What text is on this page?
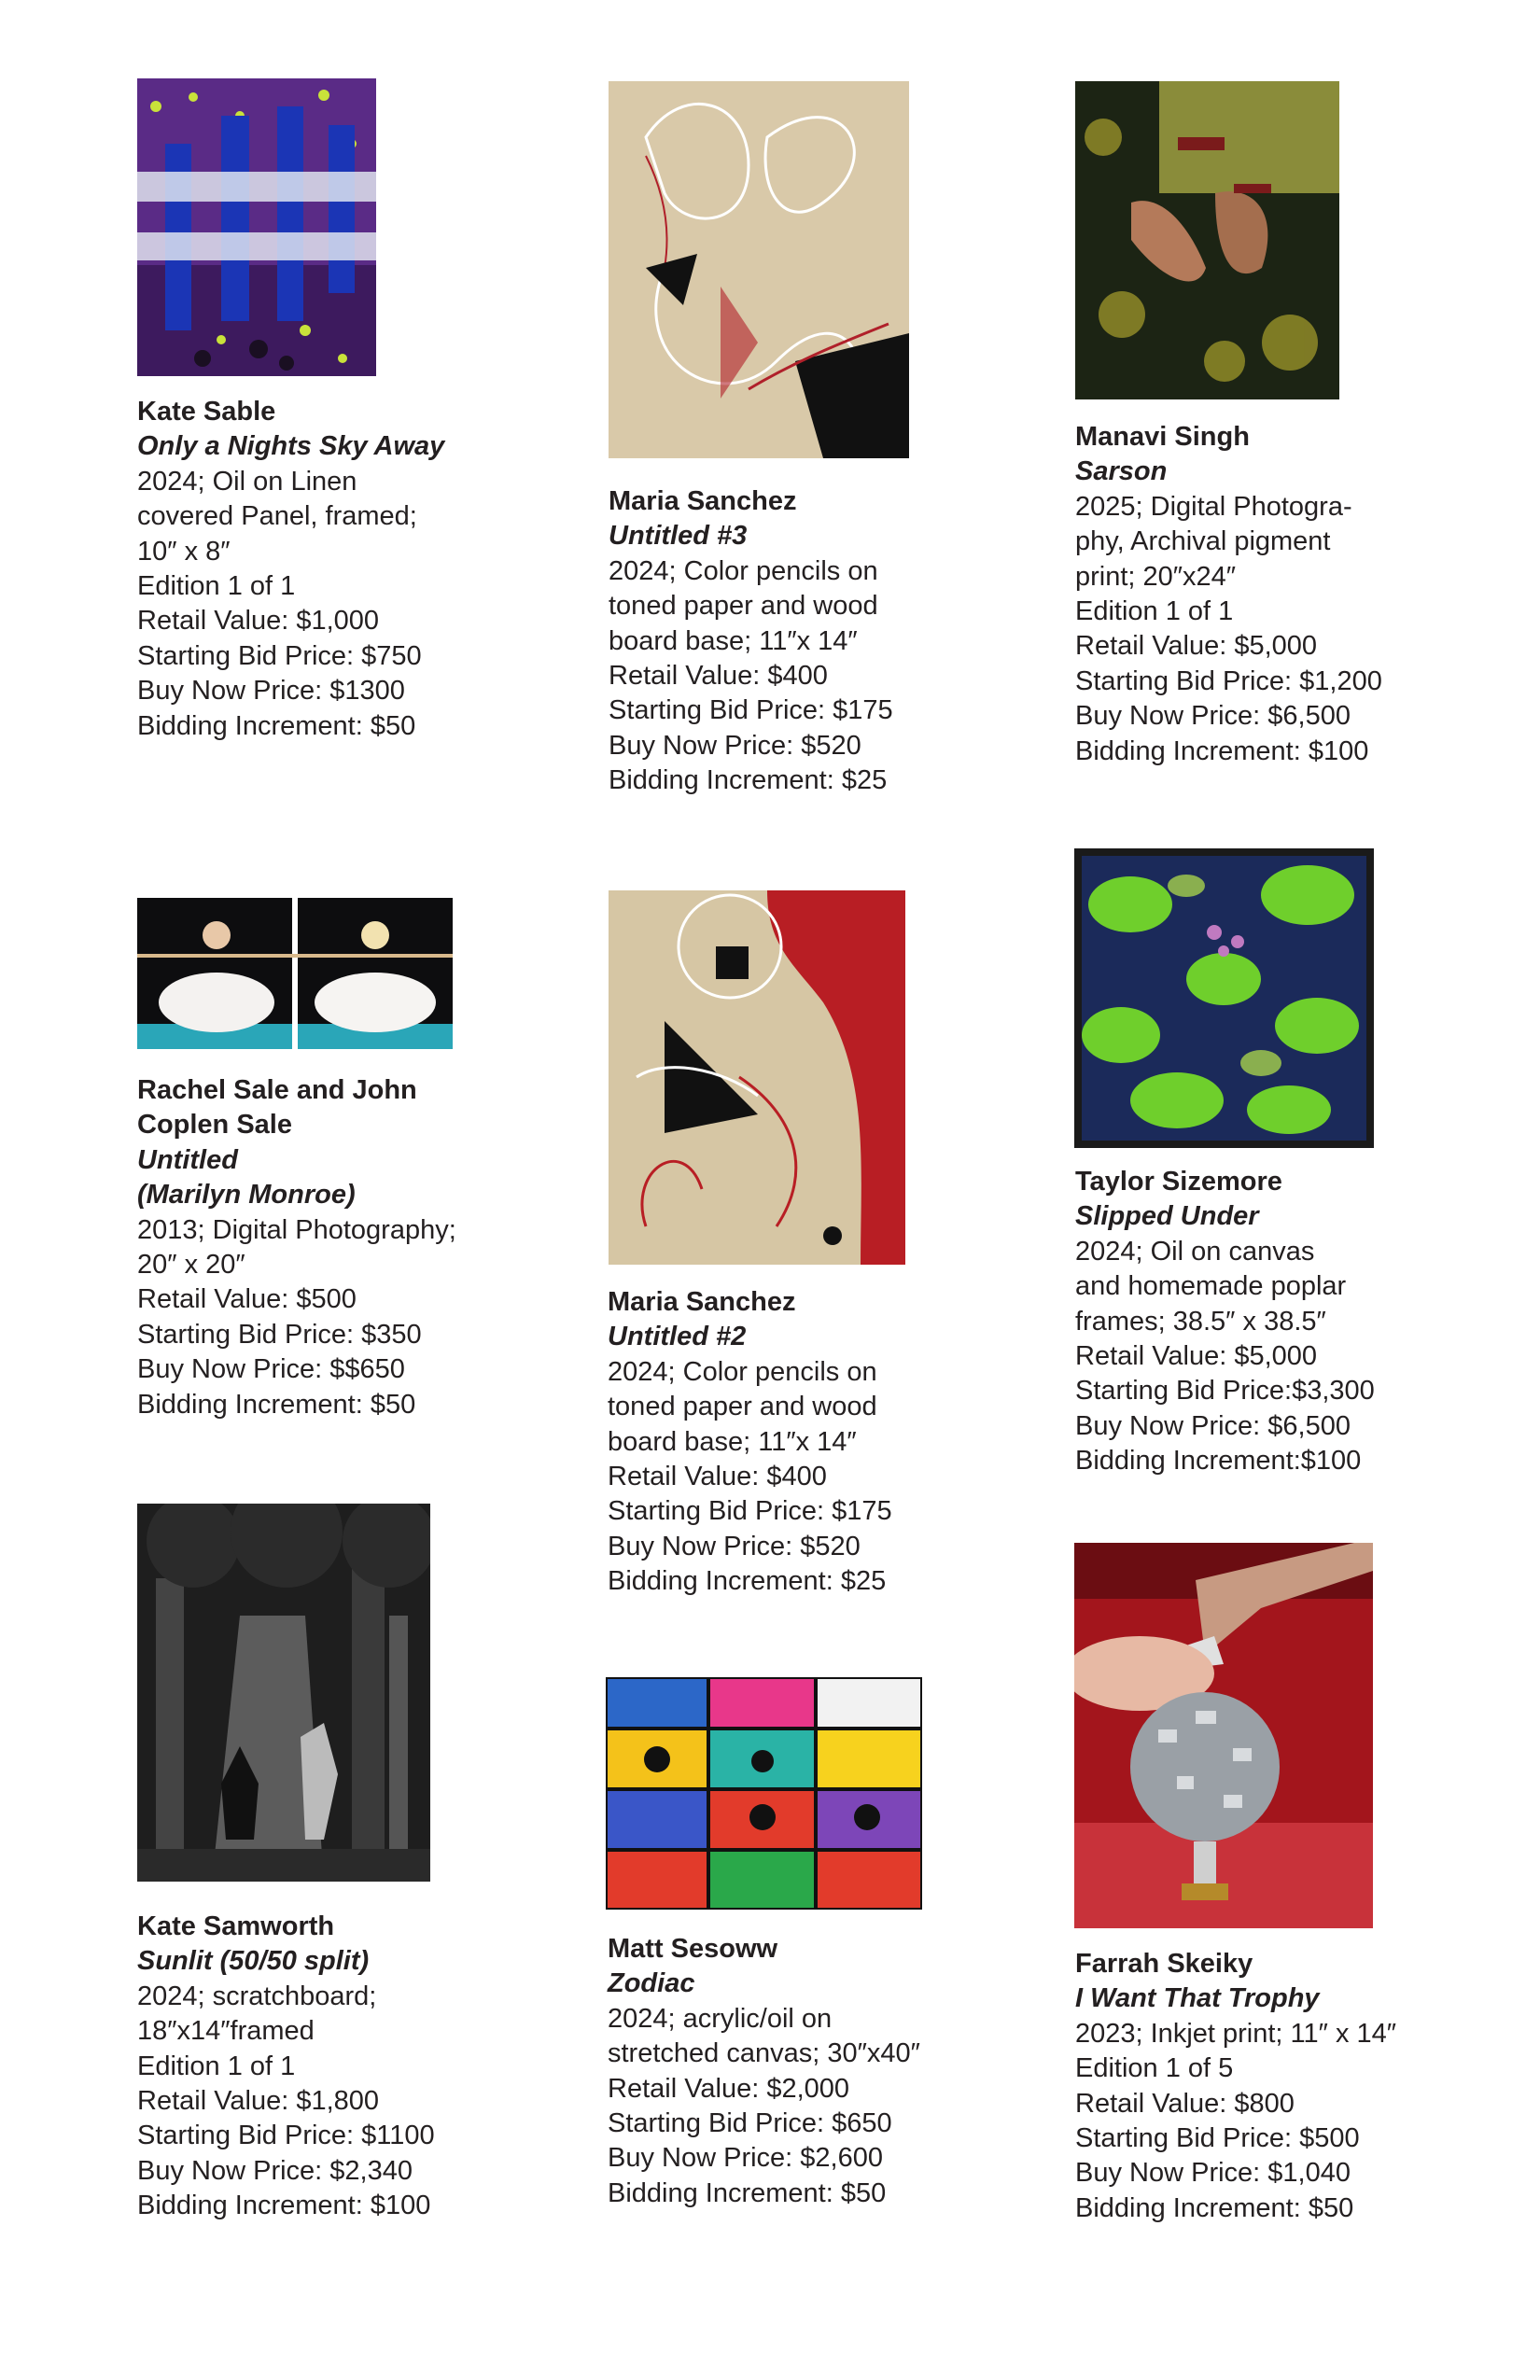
Kate Sable
Only a Nights Sky Away
2024; Oil on Linen
covered Panel, framed;
10″ x 8″
Edition 1 of 1
Retail Value: $1,000
Starting Bid Price: $750
Buy Now Price: $1300
Bidding Increment: $50
Maria Sanchez
Untitled #3
2024; Color pencils on
toned paper and wood
board base; 11″x 14″
Retail Value: $400
Starting Bid Price: $175
Buy Now Price: $520
Bidding Increment: $25
Manavi Singh
Sarson
2025; Digital Photogra-
phy, Archival pigment
print; 20″x24″
Edition 1 of 1
Retail Value: $5,000
Starting Bid Price: $1,200
Buy Now Price: $6,500
Bidding Increment: $100
Rachel Sale and John Coplen Sale
Untitled
(Marilyn Monroe)
2013; Digital Photography;
20″ x 20″
Retail Value: $500
Starting Bid Price: $350
Buy Now Price: $$650
Bidding Increment: $50
Maria Sanchez
Untitled #2
2024; Color pencils on
toned paper and wood
board base; 11″x 14″
Retail Value: $400
Starting Bid Price: $175
Buy Now Price: $520
Bidding Increment: $25
Taylor Sizemore
Slipped Under
2024; Oil on canvas
and homemade poplar
frames; 38.5″ x 38.5″
Retail Value: $5,000
Starting Bid Price:$3,300
Buy Now Price: $6,500
Bidding Increment:$100
Kate Samworth
Sunlit (50/50 split)
2024; scratchboard;
18″x14″framed
Edition 1 of 1
Retail Value: $1,800
Starting Bid Price: $1100
Buy Now Price: $2,340
Bidding Increment: $100
Matt Sesoww
Zodiac
2024; acrylic/oil on
stretched canvas; 30″x40″
Retail Value: $2,000
Starting Bid Price: $650
Buy Now Price: $2,600
Bidding Increment: $50
Farrah Skeiky
I Want That Trophy
2023; Inkjet print; 11″ x 14″
Edition 1 of 5
Retail Value: $800
Starting Bid Price: $500
Buy Now Price: $1,040
Bidding Increment: $50
